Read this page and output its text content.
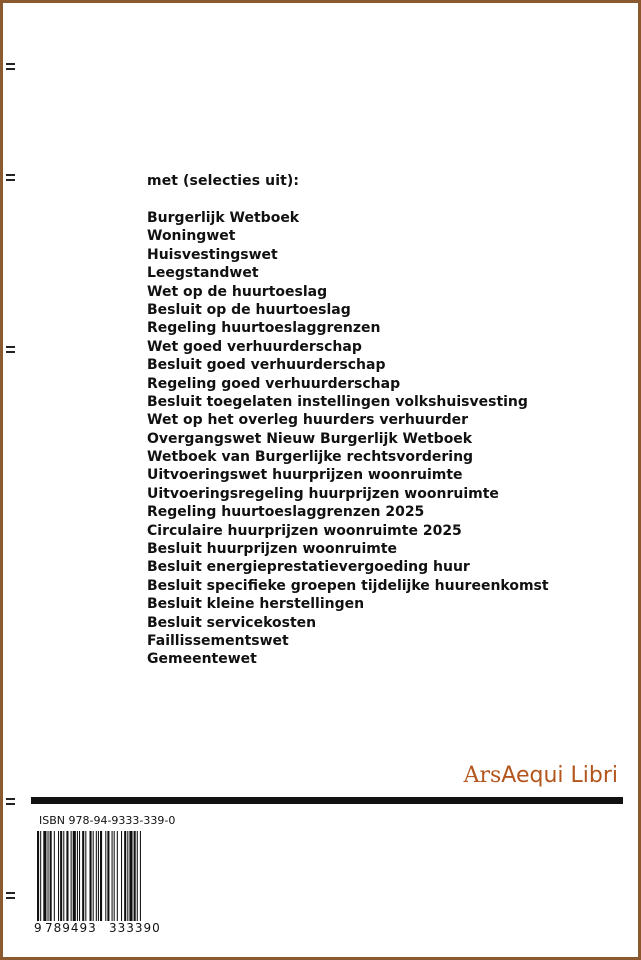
met (selecties uit):
Burgerlijk Wetboek
Woningwet
Huisvestingswet
Leegstandwet
Wet op de huurtoeslag
Besluit op de huurtoeslag
Regeling huurtoeslaggrenzen
Wet goed verhuurderschap
Besluit goed verhuurderschap
Regeling goed verhuurderschap
Besluit toegelaten instellingen volkshuisvesting
Wet op het overleg huurders verhuurder
Overgangswet Nieuw Burgerlijk Wetboek
Wetboek van Burgerlijke rechtsvordering
Uitvoeringswet huurprijzen woonruimte
Uitvoeringsregeling huurprijzen woonruimte
Regeling huurtoeslaggrenzen 2025
Circulaire huurprijzen woonruimte 2025
Besluit huurprijzen woonruimte
Besluit energieprestatievergoeding huur
Besluit specifieke groepen tijdelijke huureenkomst
Besluit kleine herstellingen
Besluit servicekosten
Faillissementswet
Gemeentewet
ArsAequi Libri
ISBN 978-94-9333-339-0
9 789493 333390
